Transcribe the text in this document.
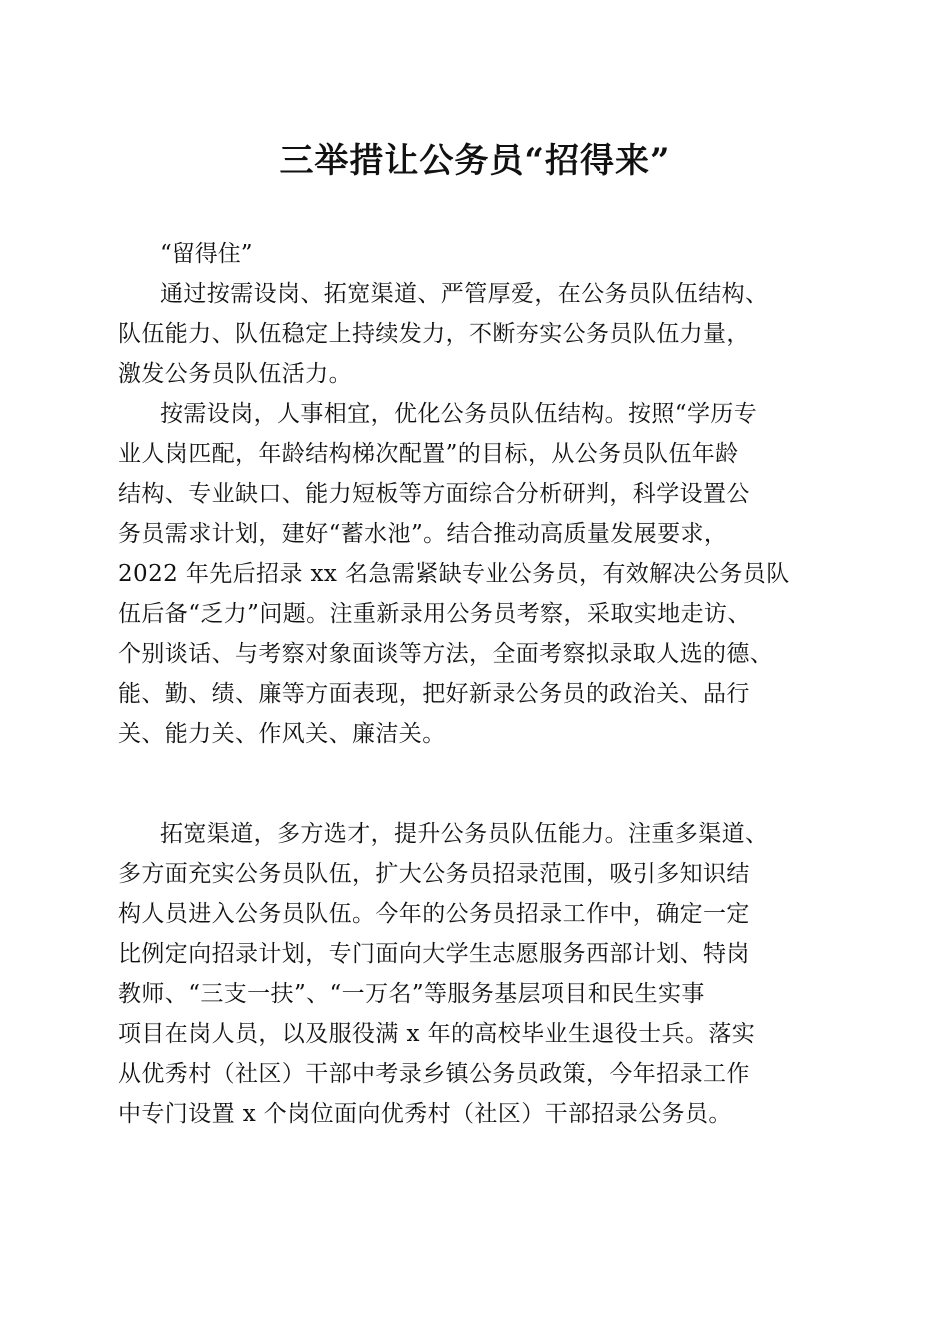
三举措让公务员“招得来”
“留得住”
通过按需设岗、拓宽渠道、严管厚爱，在公务员队伍结构、
队伍能力、队伍稳定上持续发力，不断夯实公务员队伍力量，
激发公务员队伍活力。
按需设岗，人事相宜，优化公务员队伍结构。按照“学历专
业人岗匹配，年龄结构梯次配置”的目标，从公务员队伍年龄
结构、专业缺口、能力短板等方面综合分析研判，科学设置公
务员需求计划，建好“蓄水池”。结合推动高质量发展要求，
2022 年先后招录 xx 名急需紧缺专业公务员，有效解决公务员队
伍后备“乏力”问题。注重新录用公务员考察，采取实地走访、
个别谈话、与考察对象面谈等方法，全面考察拟录取人选的德、
能、勤、绩、廉等方面表现，把好新录公务员的政治关、品行
关、能力关、作风关、廉洁关。
拓宽渠道，多方选才，提升公务员队伍能力。注重多渠道、
多方面充实公务员队伍，扩大公务员招录范围，吸引多知识结
构人员进入公务员队伍。今年的公务员招录工作中，确定一定
比例定向招录计划，专门面向大学生志愿服务西部计划、特岗
教师、“三支一扶”、“一万名”等服务基层项目和民生实事
项目在岗人员，以及服役满 x 年的高校毕业生退役士兵。落实
从优秀村（社区）干部中考录乡镇公务员政策，今年招录工作
中专门设置 x 个岗位面向优秀村（社区）干部招录公务员。
